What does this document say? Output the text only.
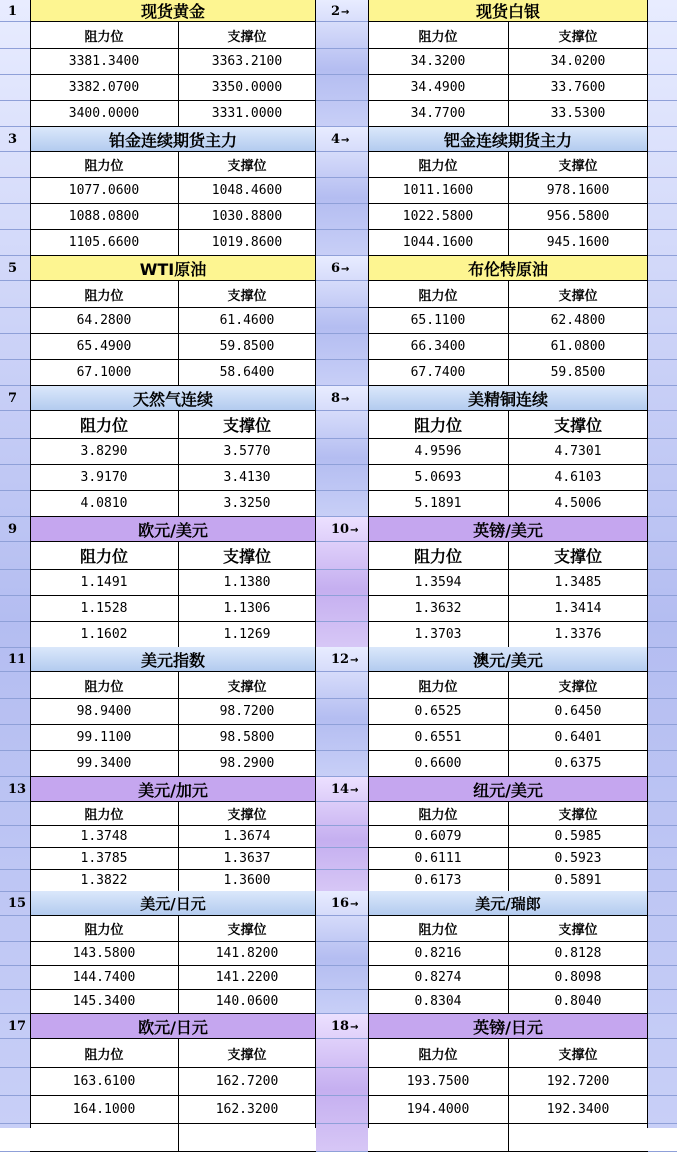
1	2→
现货黄金
阻力位	支撑位
3381.3400	3363.2100
3382.0700	3350.0000
3400.0000	3331.0000
现货白银
阻力位	支撑位
34.3200	34.0200
34.4900	33.7600
34.7700	33.5300
3	4→
铂金连续期货主力
阻力位	支撑位
1077.0600	1048.4600
1088.0800	1030.8800
1105.6600	1019.8600
钯金连续期货主力
阻力位	支撑位
1011.1600	978.1600
1022.5800	956.5800
1044.1600	945.1600
5	6→
WTI原油
阻力位	支撑位
64.2800	61.4600
65.4900	59.8500
67.1000	58.6400
布伦特原油
阻力位	支撑位
65.1100	62.4800
66.3400	61.0800
67.7400	59.8500
7	8→
天然气连续
阻力位	支撑位
3.8290	3.5770
3.9170	3.4130
4.0810	3.3250
美精铜连续
阻力位	支撑位
4.9596	4.7301
5.0693	4.6103
5.1891	4.5006
9	10→
欧元/美元
阻力位	支撑位
1.1491	1.1380
1.1528	1.1306
1.1602	1.1269
英镑/美元
阻力位	支撑位
1.3594	1.3485
1.3632	1.3414
1.3703	1.3376
11	12→
美元指数
阻力位	支撑位
98.9400	98.7200
99.1100	98.5800
99.3400	98.2900
澳元/美元
阻力位	支撑位
0.6525	0.6450
0.6551	0.6401
0.6600	0.6375
13	14→
美元/加元
阻力位	支撑位
1.3748	1.3674
1.3785	1.3637
1.3822	1.3600
纽元/美元
阻力位	支撑位
0.6079	0.5985
0.6111	0.5923
0.6173	0.5891
15	16→
美元/日元
阻力位	支撑位
143.5800	141.8200
144.7400	141.2200
145.3400	140.0600
美元/瑞郎
阻力位	支撑位
0.8216	0.8128
0.8274	0.8098
0.8304	0.8040
17	18→
欧元/日元
阻力位	支撑位
163.6100	162.7200
164.1000	162.3200
英镑/日元
阻力位	支撑位
193.7500	192.7200
194.4000	192.3400
